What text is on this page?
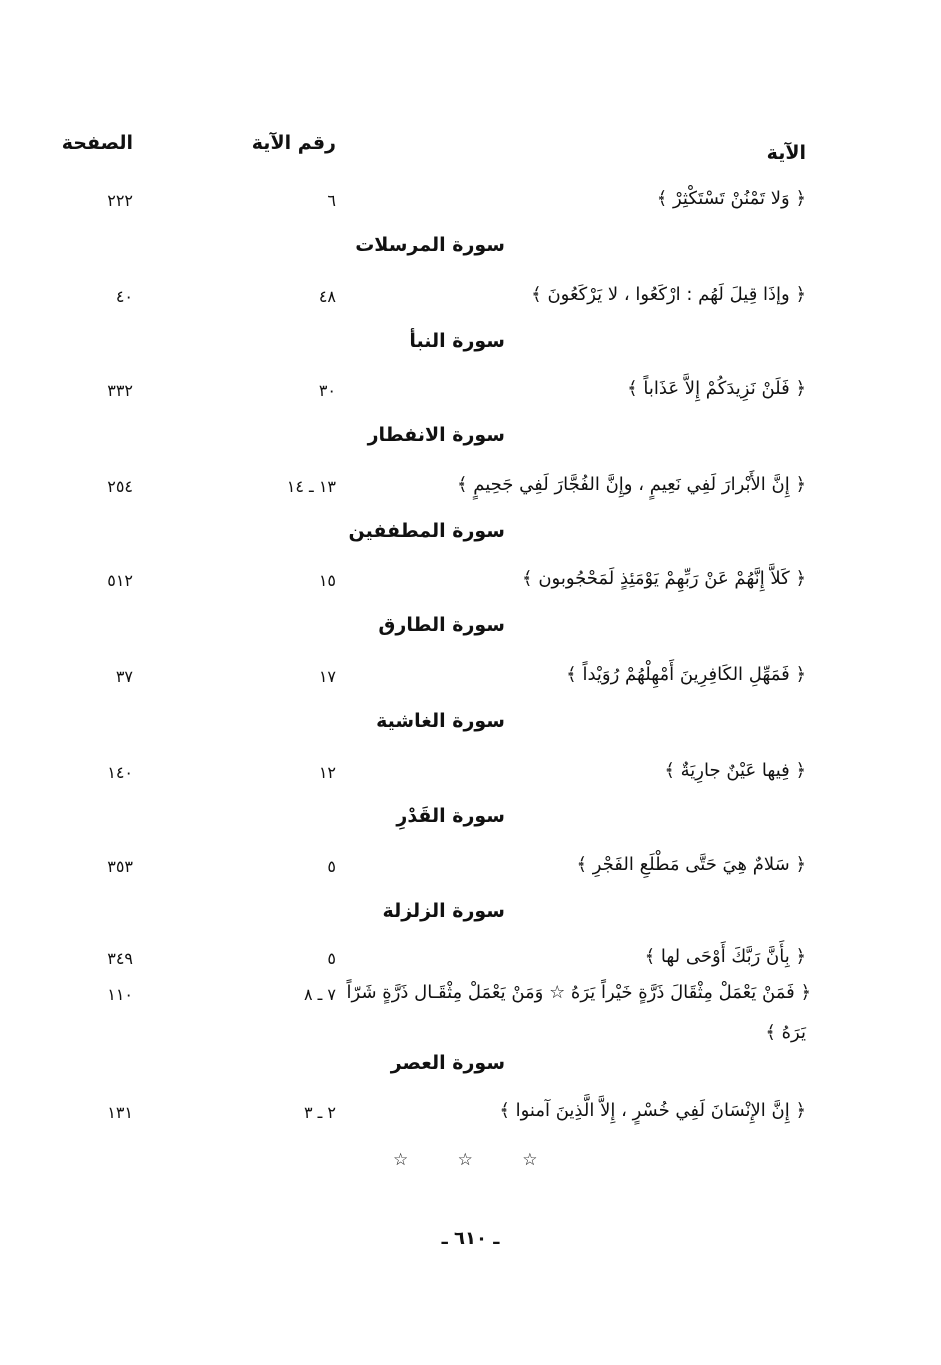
الآية
رقم الآية
الصفحة
﴿ وَلا تَمْنُنْ تَسْتَكْثِرْ ﴾
٦
٢٢٢
سورة المرسلات
﴿ وإذَا قِيلَ لَهُم : ارْكَعُوا ، لا يَرْكَعُونَ ﴾
٤٨
٤٠
سورة النبأ
﴿ فَلَنْ نَزِيدَكُمْ إِلاَّ عَذَاباً ﴾
٣٠
٣٣٢
سورة الانفطار
﴿ إِنَّ الأَبْرارَ لَفِي نَعِيمٍ ، وإِنَّ الفُجَّارَ لَفِي جَحِيمٍ ﴾
١٣ ـ ١٤
٢٥٤
سورة المطففين
﴿ كَلاَّ إِنَّهُمْ عَنْ رَبِّهِمْ يَوْمَئِذٍ لَمَحْجُوبون ﴾
١٥
٥١٢
سورة الطارق
﴿ فَمَهِّلِ الكَافِرِينَ أَمْهِلْهُمْ رُوَيْداً ﴾
١٧
٣٧
سورة الغاشية
﴿ فِيها عَيْنٌ جارِيَةٌ ﴾
١٢
١٤٠
سورة القَدْرِ
﴿ سَلامٌ هِيَ حَتَّى مَطْلَعِ الفَجْرِ ﴾
٥
٣٥٣
سورة الزلزلة
﴿ بِأَنَّ رَبَّكَ أَوْحَى لها ﴾
٥
٣٤٩
﴿ فَمَنْ يَعْمَلْ مِثْقَالَ ذَرَّةٍ خَيْراً يَرَهُ ☆ وَمَنْ يَعْمَلْ مِثْقَـال ذَرَّةٍ شَرّاً
٧ ـ ٨
١١٠
يَرَهُ ﴾
سورة العصر
﴿ إِنَّ الإِنْسَانَ لَفِي خُسْرٍ ، إِلاَّ الَّذِينَ آمنوا ﴾
٢ ـ ٣
١٣١
☆ ☆ ☆
ـ ٦١٠ ـ
